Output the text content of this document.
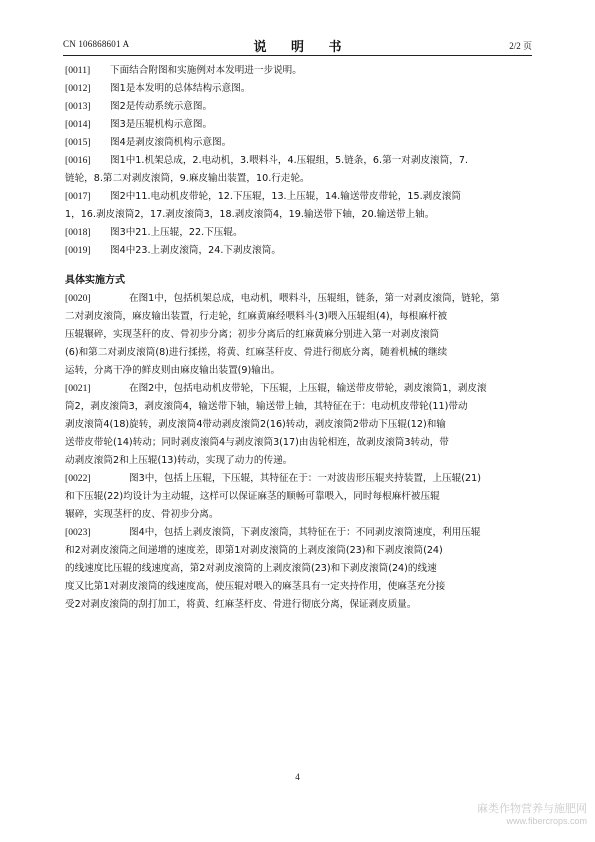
CN 106868601 A	说 明 书	2/2 页

[0011] 下面结合附图和实施例对本发明进一步说明。

[0012] 图1是本发明的总体结构示意图。

[0013] 图2是传动系统示意图。

[0014] 图3是压辊机构示意图。

[0015] 图4是剥皮滚筒机构示意图。

[0016] 图1中1.机架总成，2.电动机，3.喂料斗，4.压辊组，5.链条，6.第一对剥皮滚筒，7.
链轮，8.第二对剥皮滚筒，9.麻皮输出装置，10.行走轮。

[0017] 图2中11.电动机皮带轮，12.下压辊，13.上压辊，14.输送带皮带轮，15.剥皮滚筒
1，16.剥皮滚筒2，17.剥皮滚筒3，18.剥皮滚筒4，19.输送带下轴，20.输送带上轴。

[0018] 图3中21.上压辊，22.下压辊。

[0019] 图4中23.上剥皮滚筒，24.下剥皮滚筒。

具体实施方式

[0020]	在图1中，包括机架总成，电动机，喂料斗，压辊组，链条，第一对剥皮滚筒，链轮，第
二对剥皮滚筒，麻皮输出装置，行走轮，红麻黄麻经喂料斗(3)喂入压辊组(4)，每根麻杆被
压辊辗碎，实现茎秆的皮、骨初步分离；初步分离后的红麻黄麻分别进入第一对剥皮滚筒
(6)和第二对剥皮滚筒(8)进行揉搓，将黄、红麻茎秆皮、骨进行彻底分离，随着机械的继续
运转，分离干净的鲜皮则由麻皮输出装置(9)输出。

[0021]	在图2中，包括电动机皮带轮，下压辊，上压辊，输送带皮带轮，剥皮滚筒1，剥皮滚
筒2，剥皮滚筒3，剥皮滚筒4，输送带下轴，输送带上轴，其特征在于：电动机皮带轮(11)带动
剥皮滚筒4(18)旋转，剥皮滚筒4带动剥皮滚筒2(16)转动，剥皮滚筒2带动下压辊(12)和输
送带皮带轮(14)转动；同时剥皮滚筒4与剥皮滚筒3(17)由齿轮相连，故剥皮滚筒3转动，带
动剥皮滚筒2和上压辊(13)转动，实现了动力的传递。

[0022]	图3中，包括上压辊，下压辊，其特征在于：一对波齿形压辊夹持装置，上压辊(21)
和下压辊(22)均设计为主动辊，这样可以保证麻茎的顺畅可靠喂入，同时每根麻杆被压辊
辗碎，实现茎杆的皮、骨初步分离。

[0023]	图4中，包括上剥皮滚筒，下剥皮滚筒，其特征在于：不同剥皮滚筒速度，利用压辊
和2对剥皮滚筒之间递增的速度差，即第1对剥皮滚筒的上剥皮滚筒(23)和下剥皮滚筒(24)
的线速度比压辊的线速度高，第2对剥皮滚筒的上剥皮滚筒(23)和下剥皮滚筒(24)的线速
度又比第1对剥皮滚筒的线速度高，使压辊对喂入的麻茎具有一定夹持作用，使麻茎充分接
受2对剥皮滚筒的刮打加工，将黄、红麻茎杆皮、骨进行彻底分离，保证剥皮质量。

4
麻类作物营养与施肥网
www.fibercrops.com
